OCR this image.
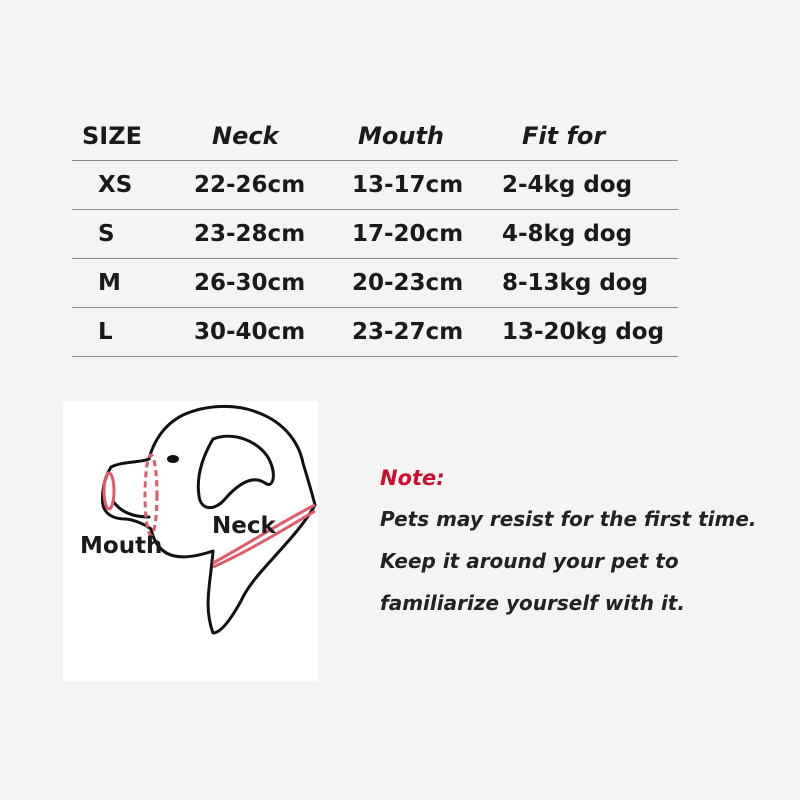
SIZE	Neck	Mouth	Fit for
XS	22-26cm 13-17cm 2-4kg dog
S	23-28cm 17-20cm 4-8kg dog
M	26-30cm 20-23cm 8-13kg dog
L	30-40cm 23-27cm 13-20kg dog
Mouth
Neck
Note:
Pets may resist for the first time.
Keep it around your pet to
familiarize yourself with it.
